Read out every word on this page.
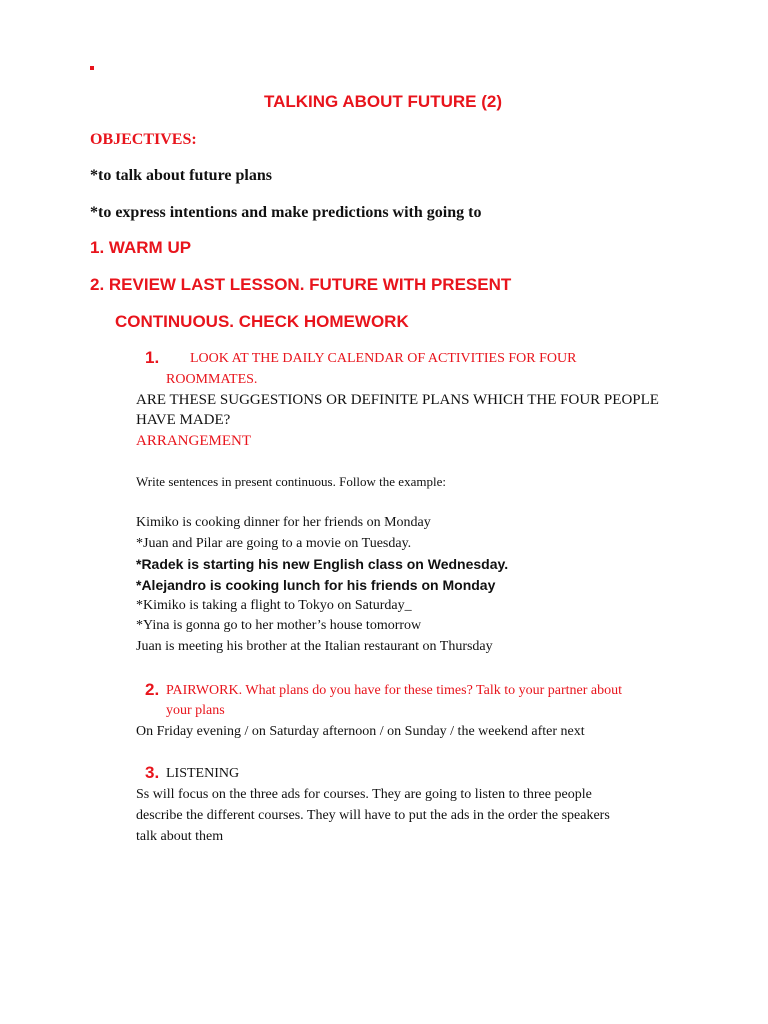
TALKING ABOUT FUTURE (2)
OBJECTIVES:
*to talk about future plans
*to express intentions and make predictions with going to
1. WARM UP
2. REVIEW LAST LESSON. FUTURE WITH PRESENT
CONTINUOUS. CHECK HOMEWORK
1. LOOK AT THE DAILY CALENDAR OF ACTIVITIES FOR FOUR
ROOMMATES.
ARE THESE SUGGESTIONS OR DEFINITE PLANS WHICH THE FOUR PEOPLE
HAVE MADE?
ARRANGEMENT
Write sentences in present continuous. Follow the example:
Kimiko is cooking dinner for her friends on Monday
*Juan and Pilar are going to a movie on Tuesday.
*Radek is starting his new English class on Wednesday.
*Alejandro is cooking lunch for his friends on Monday
*Kimiko is taking a flight to Tokyo on Saturday_
*Yina is gonna go to her mother’s house tomorrow
Juan is meeting his brother at the Italian restaurant on Thursday
2. PAIRWORK. What plans do you have for these times? Talk to your partner about
your plans
On Friday evening / on Saturday afternoon / on Sunday / the weekend after next
3. LISTENING
Ss will focus on the three ads for courses. They are going to listen to three people
describe the different courses. They will have to put the ads in the order the speakers
talk about them
